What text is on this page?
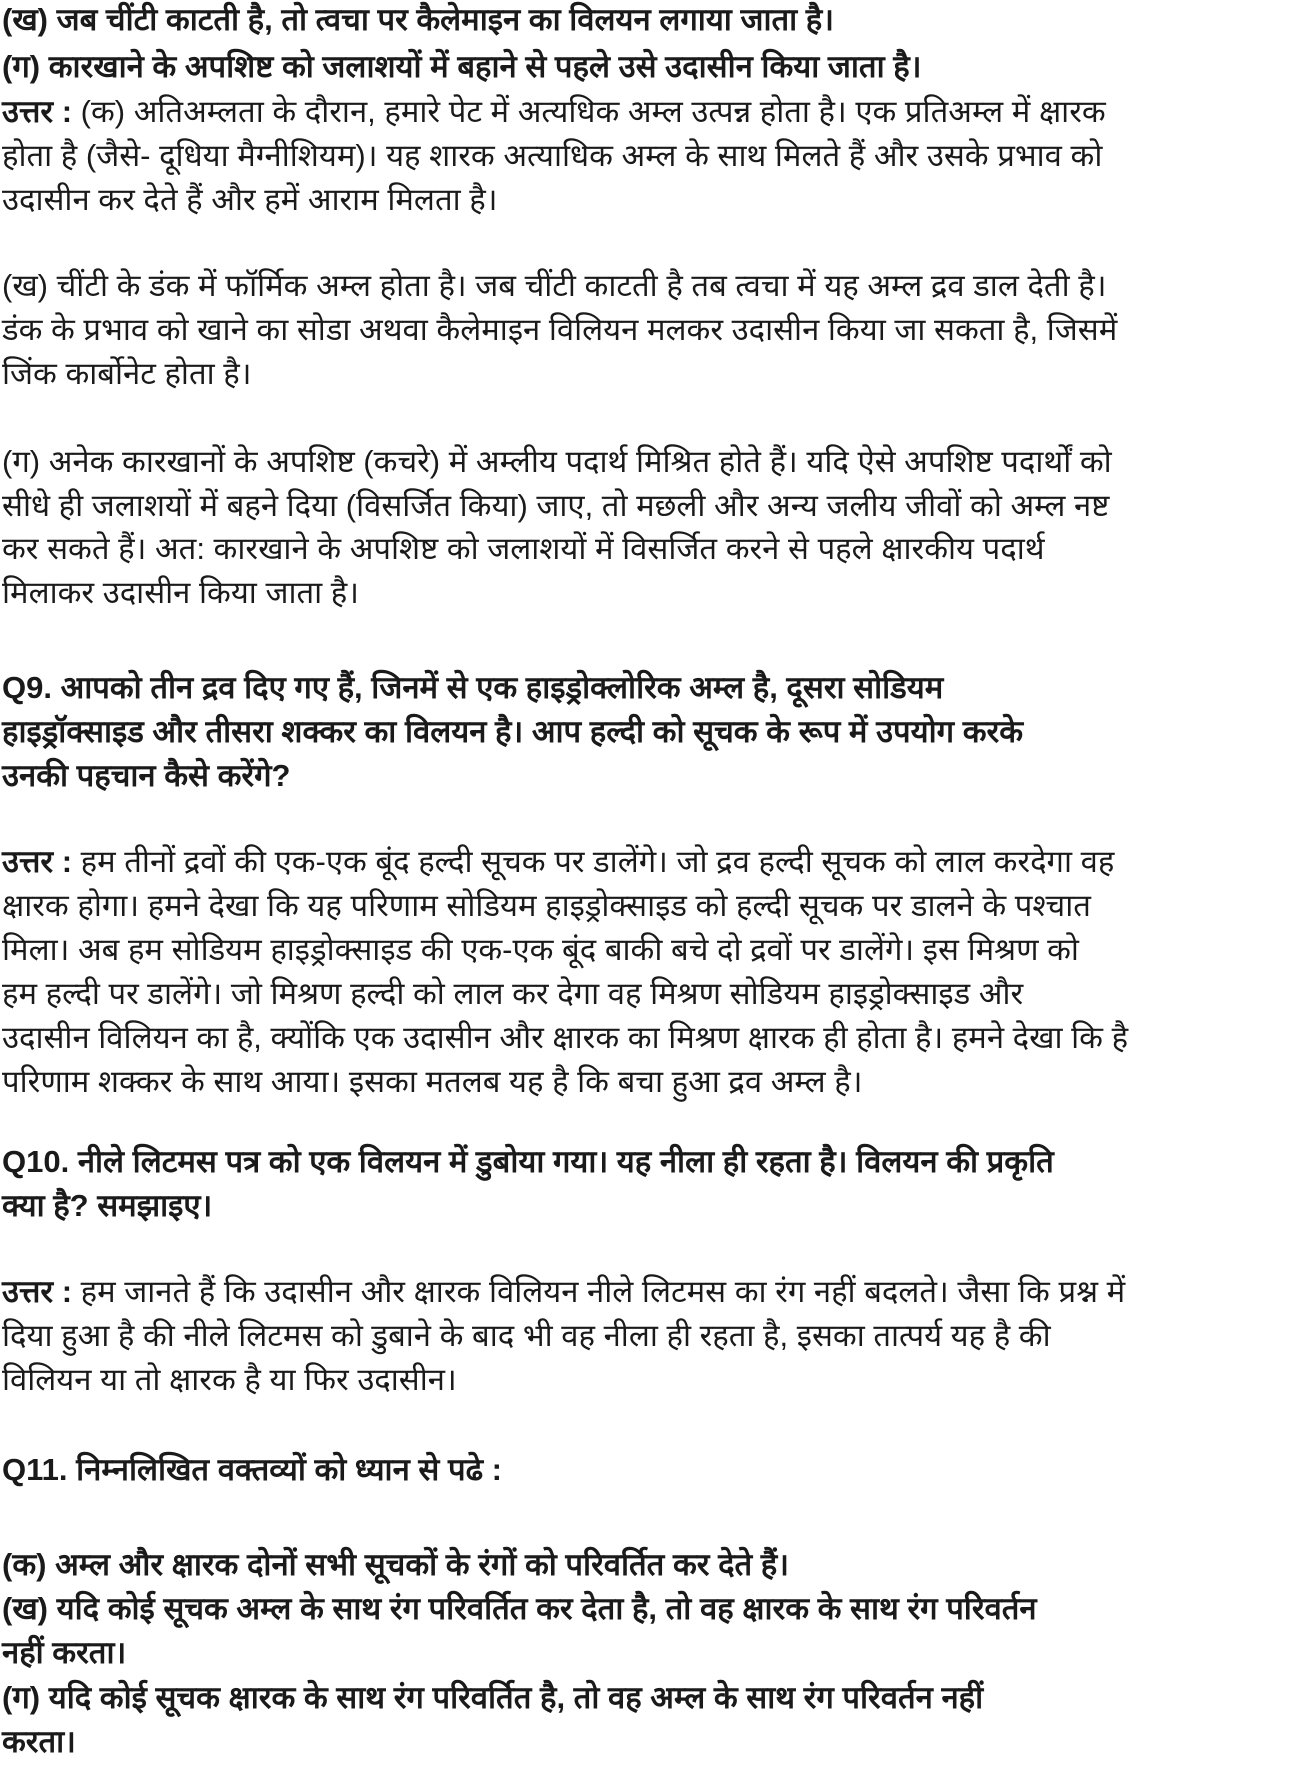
(ख) जब चींटी काटती है, तो त्वचा पर कैलेमाइन का विलयन लगाया जाता है।
(ग) कारखाने के अपशिष्ट को जलाशयों में बहाने से पहले उसे उदासीन किया जाता है।
उत्तर : (क) अतिअम्लता के दौरान, हमारे पेट में अत्यधिक अम्ल उत्पन्न होता है। एक प्रतिअम्ल में क्षारक
होता है (जैसे- दूधिया मैग्नीशियम)। यह शारक अत्याधिक अम्ल के साथ मिलते हैं और उसके प्रभाव को
उदासीन कर देते हैं और हमें आराम मिलता है।
(ख) चींटी के डंक में फॉर्मिक अम्ल होता है। जब चींटी काटती है तब त्वचा में यह अम्ल द्रव डाल देती है।
डंक के प्रभाव को खाने का सोडा अथवा कैलेमाइन विलियन मलकर उदासीन किया जा सकता है, जिसमें
जिंक कार्बोनेट होता है।
(ग) अनेक कारखानों के अपशिष्ट (कचरे) में अम्लीय पदार्थ मिश्रित होते हैं। यदि ऐसे अपशिष्ट पदार्थों को
सीधे ही जलाशयों में बहने दिया (विसर्जित किया) जाए, तो मछली और अन्य जलीय जीवों को अम्ल नष्ट
कर सकते हैं। अत: कारखाने के अपशिष्ट को जलाशयों में विसर्जित करने से पहले क्षारकीय पदार्थ
मिलाकर उदासीन किया जाता है।
Q9. आपको तीन द्रव दिए गए हैं, जिनमें से एक हाइड्रोक्लोरिक अम्ल है, दूसरा सोडियम
हाइड्रॉक्साइड और तीसरा शक्कर का विलयन है। आप हल्दी को सूचक के रूप में उपयोग करके
उनकी पहचान कैसे करेंगे?
उत्तर : हम तीनों द्रवों की एक-एक बूंद हल्दी सूचक पर डालेंगे। जो द्रव हल्दी सूचक को लाल करदेगा वह
क्षारक होगा। हमने देखा कि यह परिणाम सोडियम हाइड्रोक्साइड को हल्दी सूचक पर डालने के पश्चात
मिला। अब हम सोडियम हाइड्रोक्साइड की एक-एक बूंद बाकी बचे दो द्रवों पर डालेंगे। इस मिश्रण को
हम हल्दी पर डालेंगे। जो मिश्रण हल्दी को लाल कर देगा वह मिश्रण सोडियम हाइड्रोक्साइड और
उदासीन विलियन का है, क्योंकि एक उदासीन और क्षारक का मिश्रण क्षारक ही होता है। हमने देखा कि है
परिणाम शक्कर के साथ आया। इसका मतलब यह है कि बचा हुआ द्रव अम्ल है।
Q10. नीले लिटमस पत्र को एक विलयन में डुबोया गया। यह नीला ही रहता है। विलयन की प्रकृति
क्या है? समझाइए।
उत्तर : हम जानते हैं कि उदासीन और क्षारक विलियन नीले लिटमस का रंग नहीं बदलते। जैसा कि प्रश्न में
दिया हुआ है की नीले लिटमस को डुबाने के बाद भी वह नीला ही रहता है, इसका तात्पर्य यह है की
विलियन या तो क्षारक है या फिर उदासीन।
Q11. निम्नलिखित वक्तव्यों को ध्यान से पढे :
(क) अम्ल और क्षारक दोनों सभी सूचकों के रंगों को परिवर्तित कर देते हैं।
(ख) यदि कोई सूचक अम्ल के साथ रंग परिवर्तित कर देता है, तो वह क्षारक के साथ रंग परिवर्तन
नहीं करता।
(ग) यदि कोई सूचक क्षारक के साथ रंग परिवर्तित है, तो वह अम्ल के साथ रंग परिवर्तन नहीं
करता।
